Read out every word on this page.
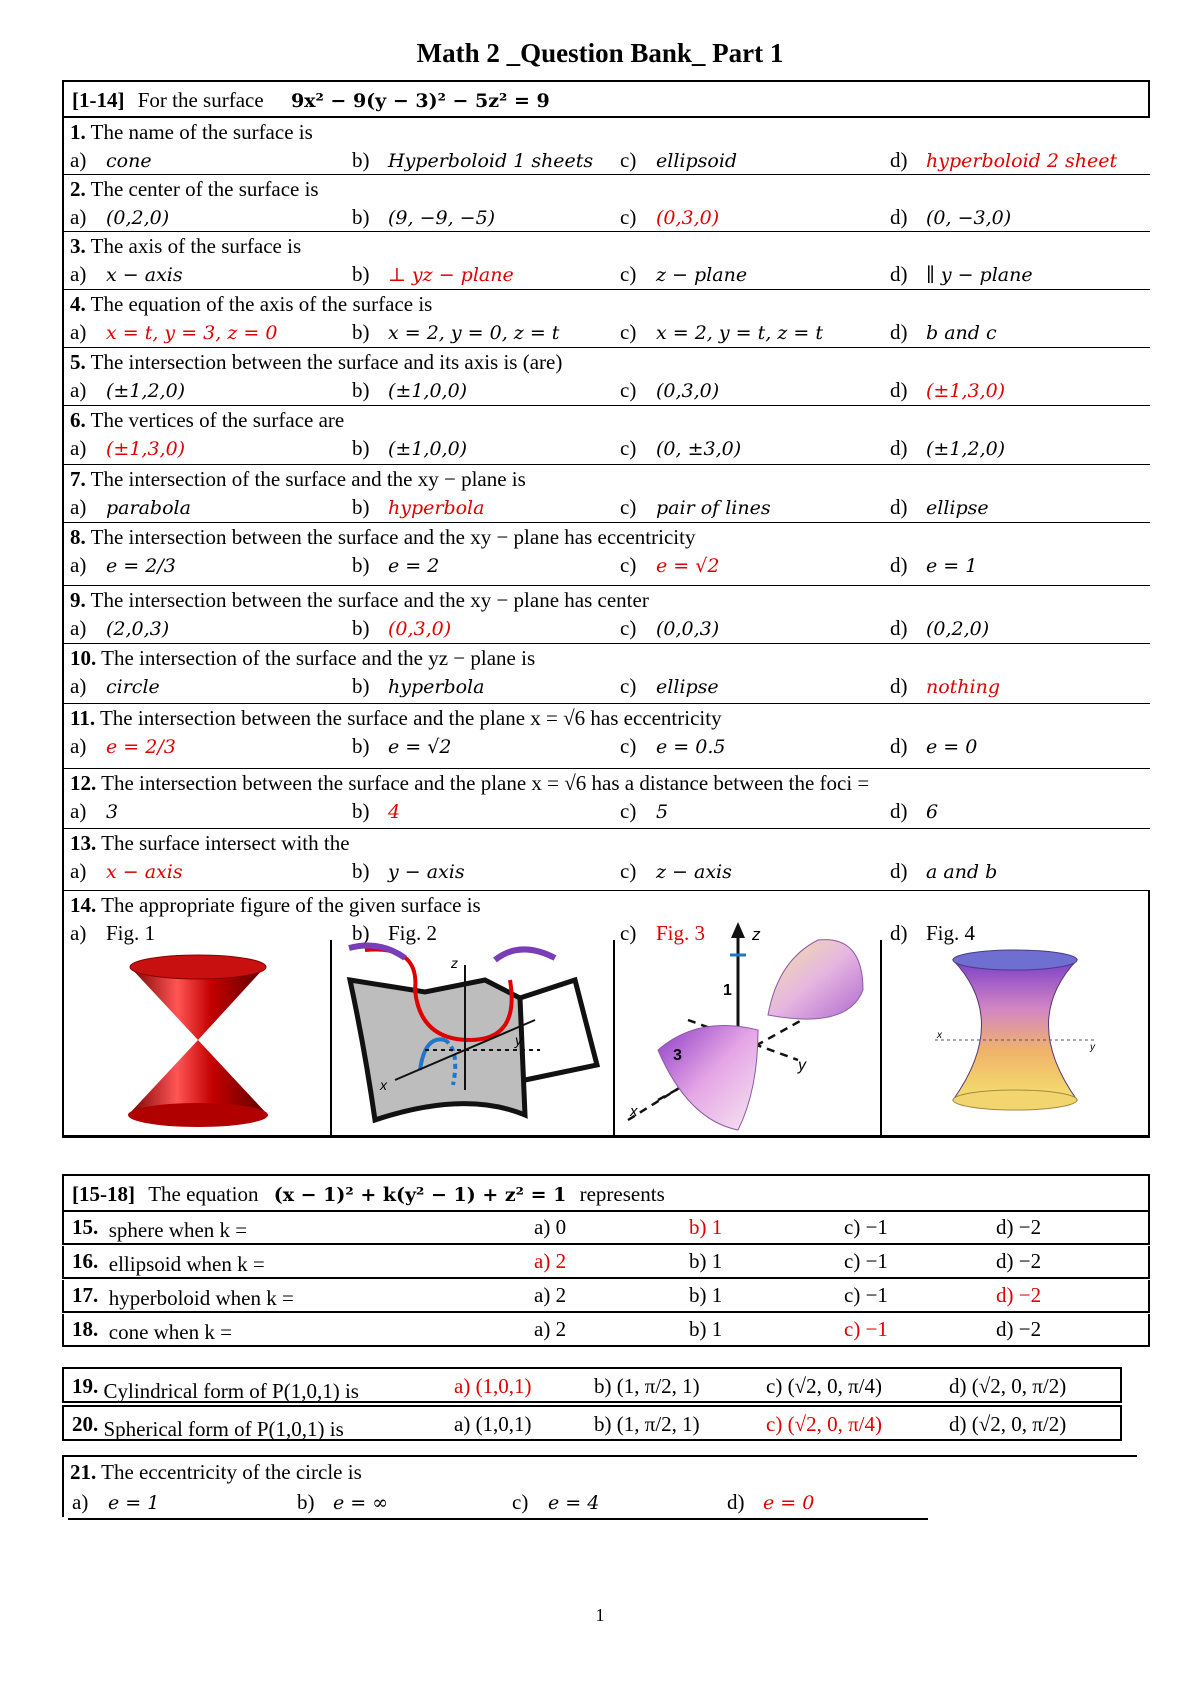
Math 2 _Question Bank_ Part 1
[1-14] For the surface 9x² − 9(y − 3)² − 5z² = 9
1. The name of the surface is
a) cone	b) Hyperboloid 1 sheets c) ellipsoid	d) hyperboloid 2 sheet
2. The center of the surface is
a) (0,2,0)	b) (9, −9, −5)	c) (0,3,0)	d) (0, −3,0)
3. The axis of the surface is
a) x − axis	b) ⊥ yz − plane	c) z − plane	d) ∥ y − plane
4. The equation of the axis of the surface is
a) x = t, y = 3, z = 0	b) x = 2, y = 0, z = t	c) x = 2, y = t, z = t	d) b and c
5. The intersection between the surface and its axis is (are)
a) (±1,2,0)	b) (±1,0,0)	c) (0,3,0)	d) (±1,3,0)
6. The vertices of the surface are
a) (±1,3,0)	b) (±1,0,0)	c) (0, ±3,0)	d) (±1,2,0)
7. The intersection of the surface and the xy − plane is
a) parabola	b) hyperbola	c) pair of lines	d) ellipse
8. The intersection between the surface and the xy − plane has eccentricity
a) e = 2/3	b) e = 2	c) e = √2	d) e = 1
9. The intersection between the surface and the xy − plane has center
a) (2,0,3)	b) (0,3,0)	c) (0,0,3)	d) (0,2,0)
10. The intersection of the surface and the yz − plane is
a) circle	b) hyperbola	c) ellipse	d) nothing
11. The intersection between the surface and the plane x = √6 has eccentricity
a) e = 2/3	b) e = √2	c) e = 0.5	d) e = 0
12. The intersection between the surface and the plane x = √6 has a distance between the foci =
a) 3	b) 4	c) 5	d) 6
13. The surface intersect with the
a) x − axis	b) y − axis	c) z − axis	d) a and b
14. The appropriate figure of the given surface is
a) Fig. 1	b) Fig. 2	c) Fig. 3	d) Fig. 4
z
x
y
z
1
3
y
x
x
y
[15-18] The equation (x − 1)² + k(y² − 1) + z² = 1 represents
15. sphere when k =	a) 0	b) 1	c) −1	d) −2
16. ellipsoid when k =	a) 2	b) 1	c) −1	d) −2
17. hyperboloid when k =	a) 2	b) 1	c) −1	d) −2
18. cone when k =	a) 2	b) 1	c) −1	d) −2
19. Cylindrical form of P(1,0,1) is	a) (1,0,1)	b) (1, π/2, 1)	c) (√2, 0, π/4)	d) (√2, 0, π/2)
20. Spherical form of P(1,0,1) is	a) (1,0,1)	b) (1, π/2, 1)	c) (√2, 0, π/4)	d) (√2, 0, π/2)
21. The eccentricity of the circle is
a) e = 1	b) e = ∞	c) e = 4	d) e = 0
1
